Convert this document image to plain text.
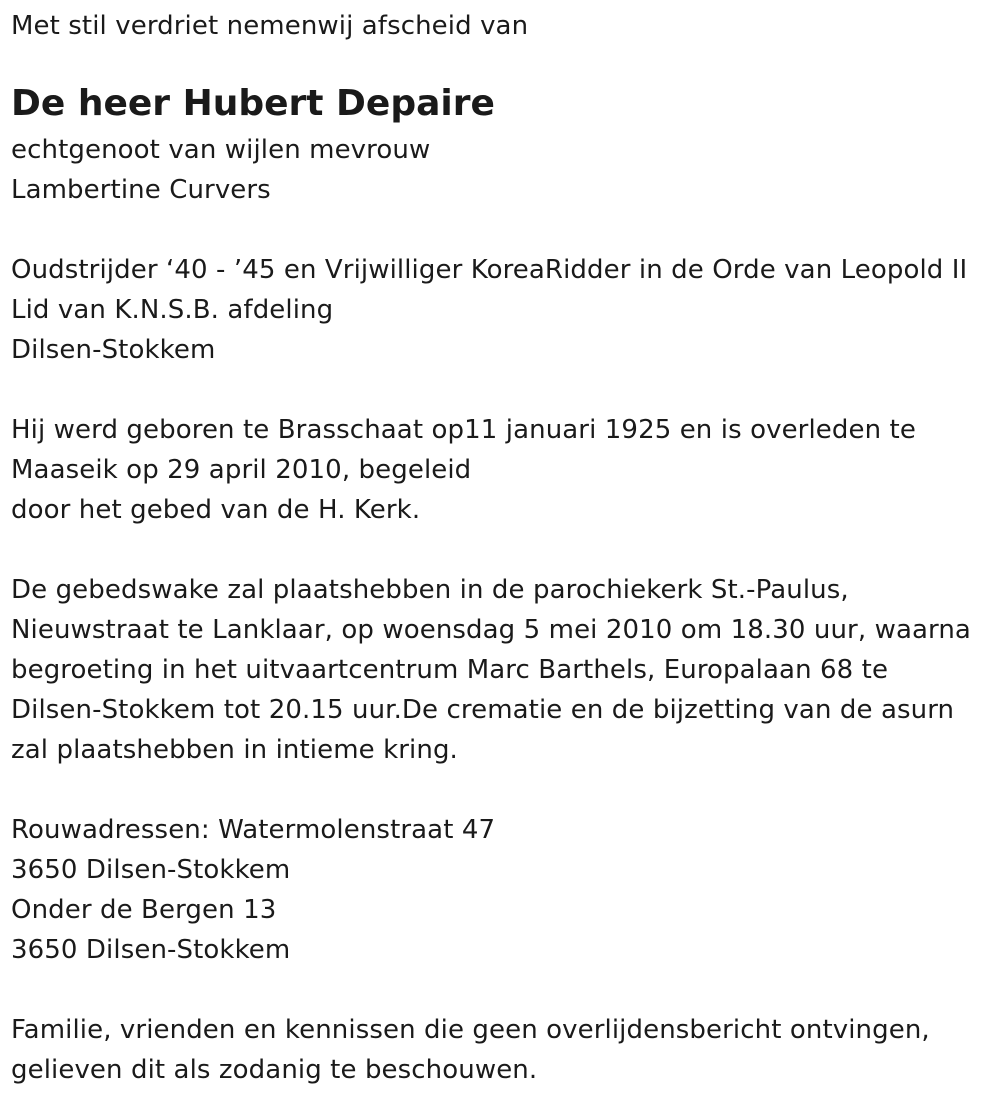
Met stil verdriet nemenwij afscheid van
De heer Hubert Depaire
echtgenoot van wijlen mevrouw
Lambertine Curvers
Oudstrijder ‘40 - ’45 en Vrijwilliger KoreaRidder in de Orde van Leopold II
Lid van K.N.S.B. afdeling
Dilsen-Stokkem
Hij werd geboren te Brasschaat op11 januari 1925 en is overleden te
Maaseik op 29 april 2010, begeleid
door het gebed van de H. Kerk.
De gebedswake zal plaatshebben in de parochiekerk St.-Paulus,
Nieuwstraat te Lanklaar, op woensdag 5 mei 2010 om 18.30 uur, waarna
begroeting in het uitvaartcentrum Marc Barthels, Europalaan 68 te
Dilsen-Stokkem tot 20.15 uur.De crematie en de bijzetting van de asurn
zal plaatshebben in intieme kring.
Rouwadressen: Watermolenstraat 47
3650 Dilsen-Stokkem
Onder de Bergen 13
3650 Dilsen-Stokkem
Familie, vrienden en kennissen die geen overlijdensbericht ontvingen,
gelieven dit als zodanig te beschouwen.
